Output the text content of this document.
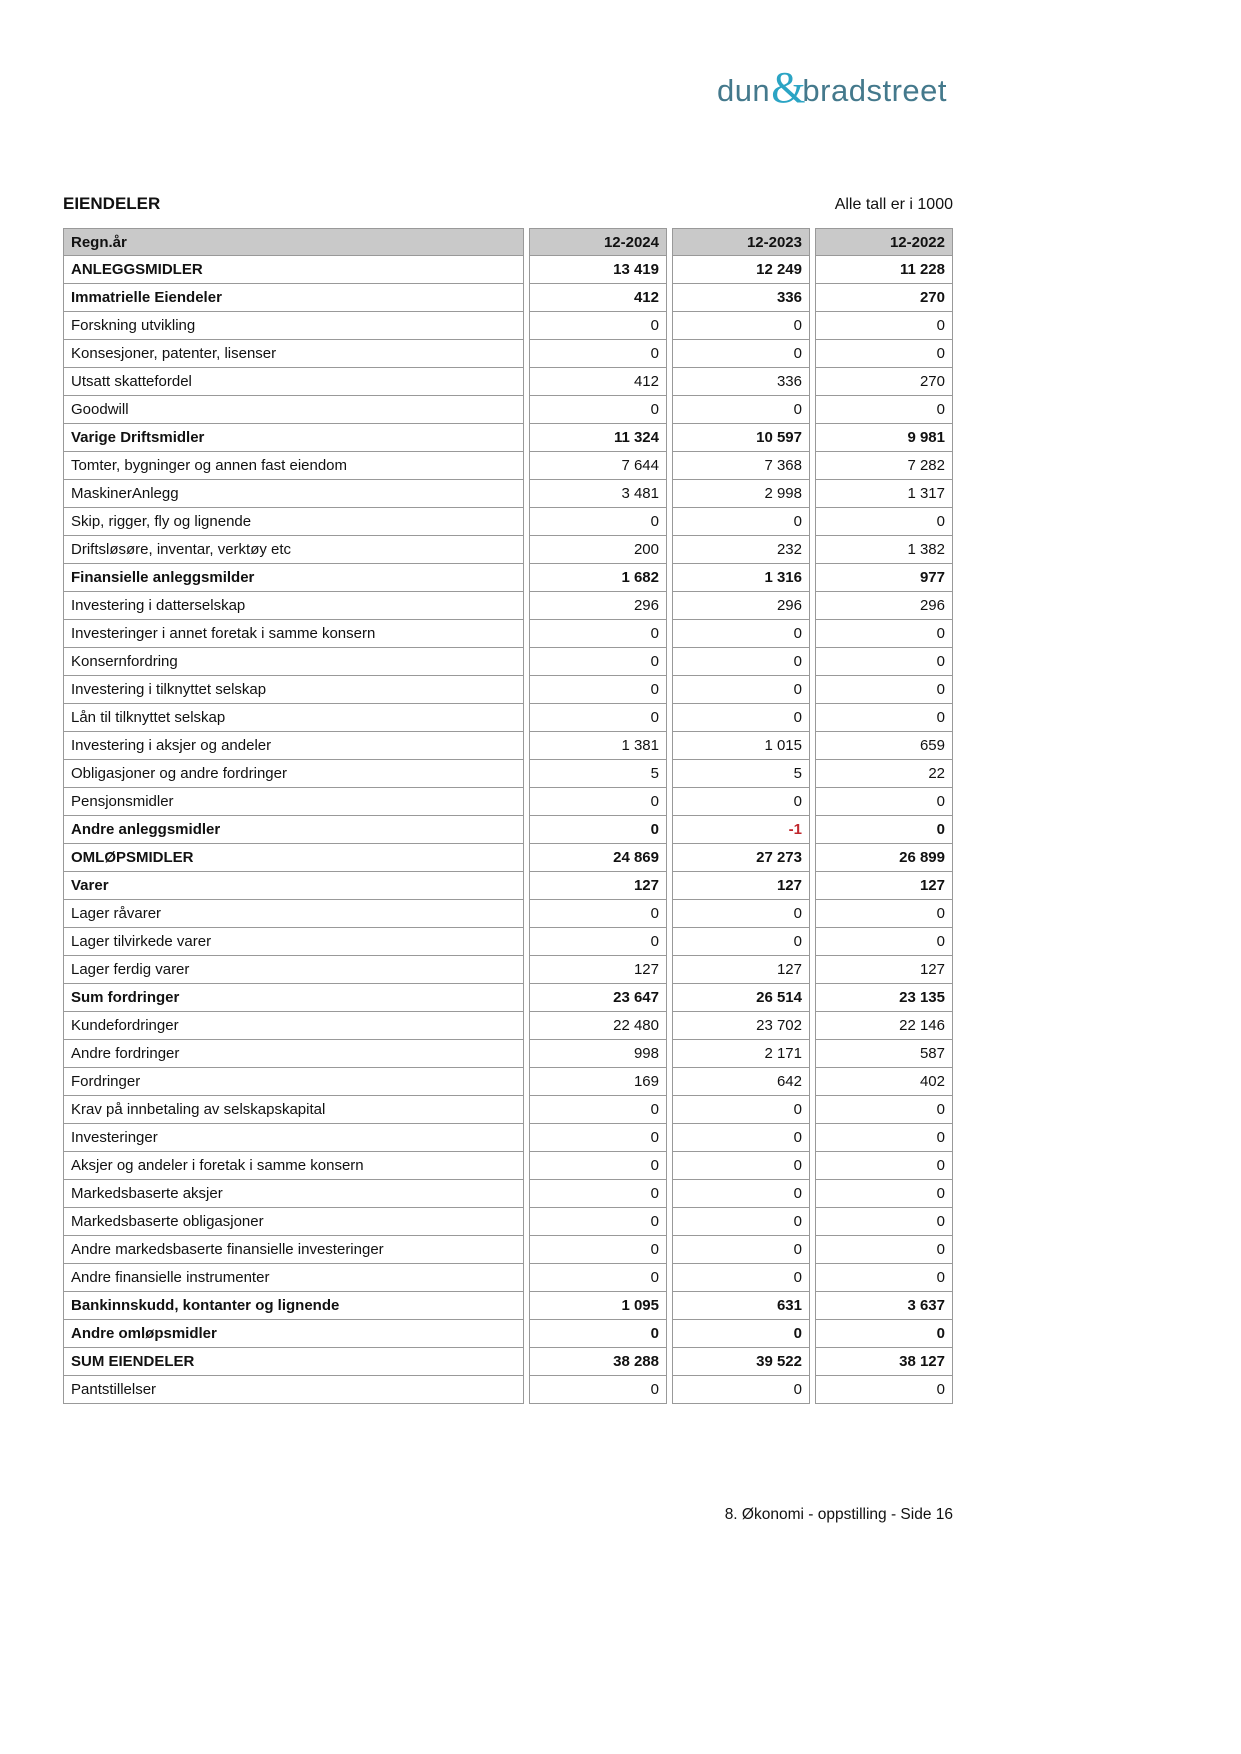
dun &
bradstreet
EIENDELER	Alle tall er i 1000
Regn.år	12-2024	12-2023	12-2022
ANLEGGSMIDLER	13 419	12 249	11 228
Immatrielle Eiendeler	412	336	270
Forskning utvikling	0	0	0
Konsesjoner, patenter, lisenser	0	0	0
Utsatt skattefordel	412	336	270
Goodwill	0	0	0
Varige Driftsmidler	11 324	10 597	9 981
Tomter, bygninger og annen fast eiendom	7 644	7 368	7 282
MaskinerAnlegg	3 481	2 998	1 317
Skip, rigger, fly og lignende	0	0	0
Driftsløsøre, inventar, verktøy etc	200	232	1 382
Finansielle anleggsmilder	1 682	1 316	977
Investering i datterselskap	296	296	296
Investeringer i annet foretak i samme konsern	0	0	0
Konsernfordring	0	0	0
Investering i tilknyttet selskap	0	0	0
Lån til tilknyttet selskap	0	0	0
Investering i aksjer og andeler	1 381	1 015	659
Obligasjoner og andre fordringer	5	5	22
Pensjonsmidler	0	0	0
Andre anleggsmidler	0	-1	0
OMLØPSMIDLER	24 869	27 273	26 899
Varer	127	127	127
Lager råvarer	0	0	0
Lager tilvirkede varer	0	0	0
Lager ferdig varer	127	127	127
Sum fordringer	23 647	26 514	23 135
Kundefordringer	22 480	23 702	22 146
Andre fordringer	998	2 171	587
Fordringer	169	642	402
Krav på innbetaling av selskapskapital	0	0	0
Investeringer	0	0	0
Aksjer og andeler i foretak i samme konsern	0	0	0
Markedsbaserte aksjer	0	0	0
Markedsbaserte obligasjoner	0	0	0
Andre markedsbaserte finansielle investeringer	0	0	0
Andre finansielle instrumenter	0	0	0
Bankinnskudd, kontanter og lignende	1 095	631	3 637
Andre omløpsmidler	0	0	0
SUM EIENDELER	38 288	39 522	38 127
Pantstillelser	0	0	0
8. Økonomi - oppstilling - Side 16
